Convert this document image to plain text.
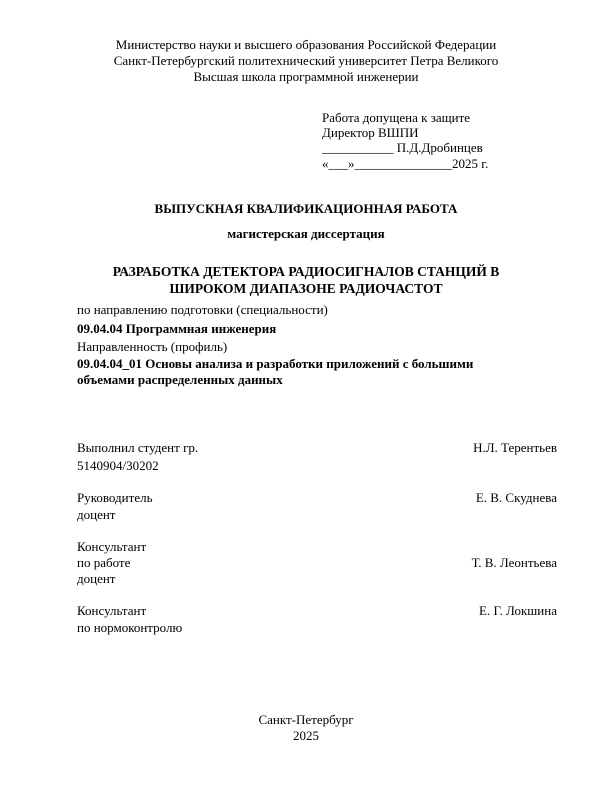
Министерство науки и высшего образования Российской Федерации
Санкт-Петербургский политехнический университет Петра Великого
Высшая школа программной инженерии
Работа допущена к защите
Директор ВШПИ
___________ П.Д.Дробинцев
«___»_______________2025 г.
ВЫПУСКНАЯ КВАЛИФИКАЦИОННАЯ РАБОТА
магистерская диссертация
РАЗРАБОТКА ДЕТЕКТОРА РАДИОСИГНАЛОВ СТАНЦИЙ В
ШИРОКОМ ДИАПАЗОНЕ РАДИОЧАСТОТ
по направлению подготовки (специальности)
09.04.04 Программная инженерия
Направленность (профиль)
09.04.04_01 Основы анализа и разработки приложений с большими
объемами распределенных данных
Выполнил студент гр.
5140904/30202
Н.Л. Терентьев
Руководитель
доцент
Е. В. Скуднева
Консультант
по работе
доцент
Т. В. Леонтьева
Консультант
по нормоконтролю
Е. Г. Локшина
Санкт-Петербург
2025
